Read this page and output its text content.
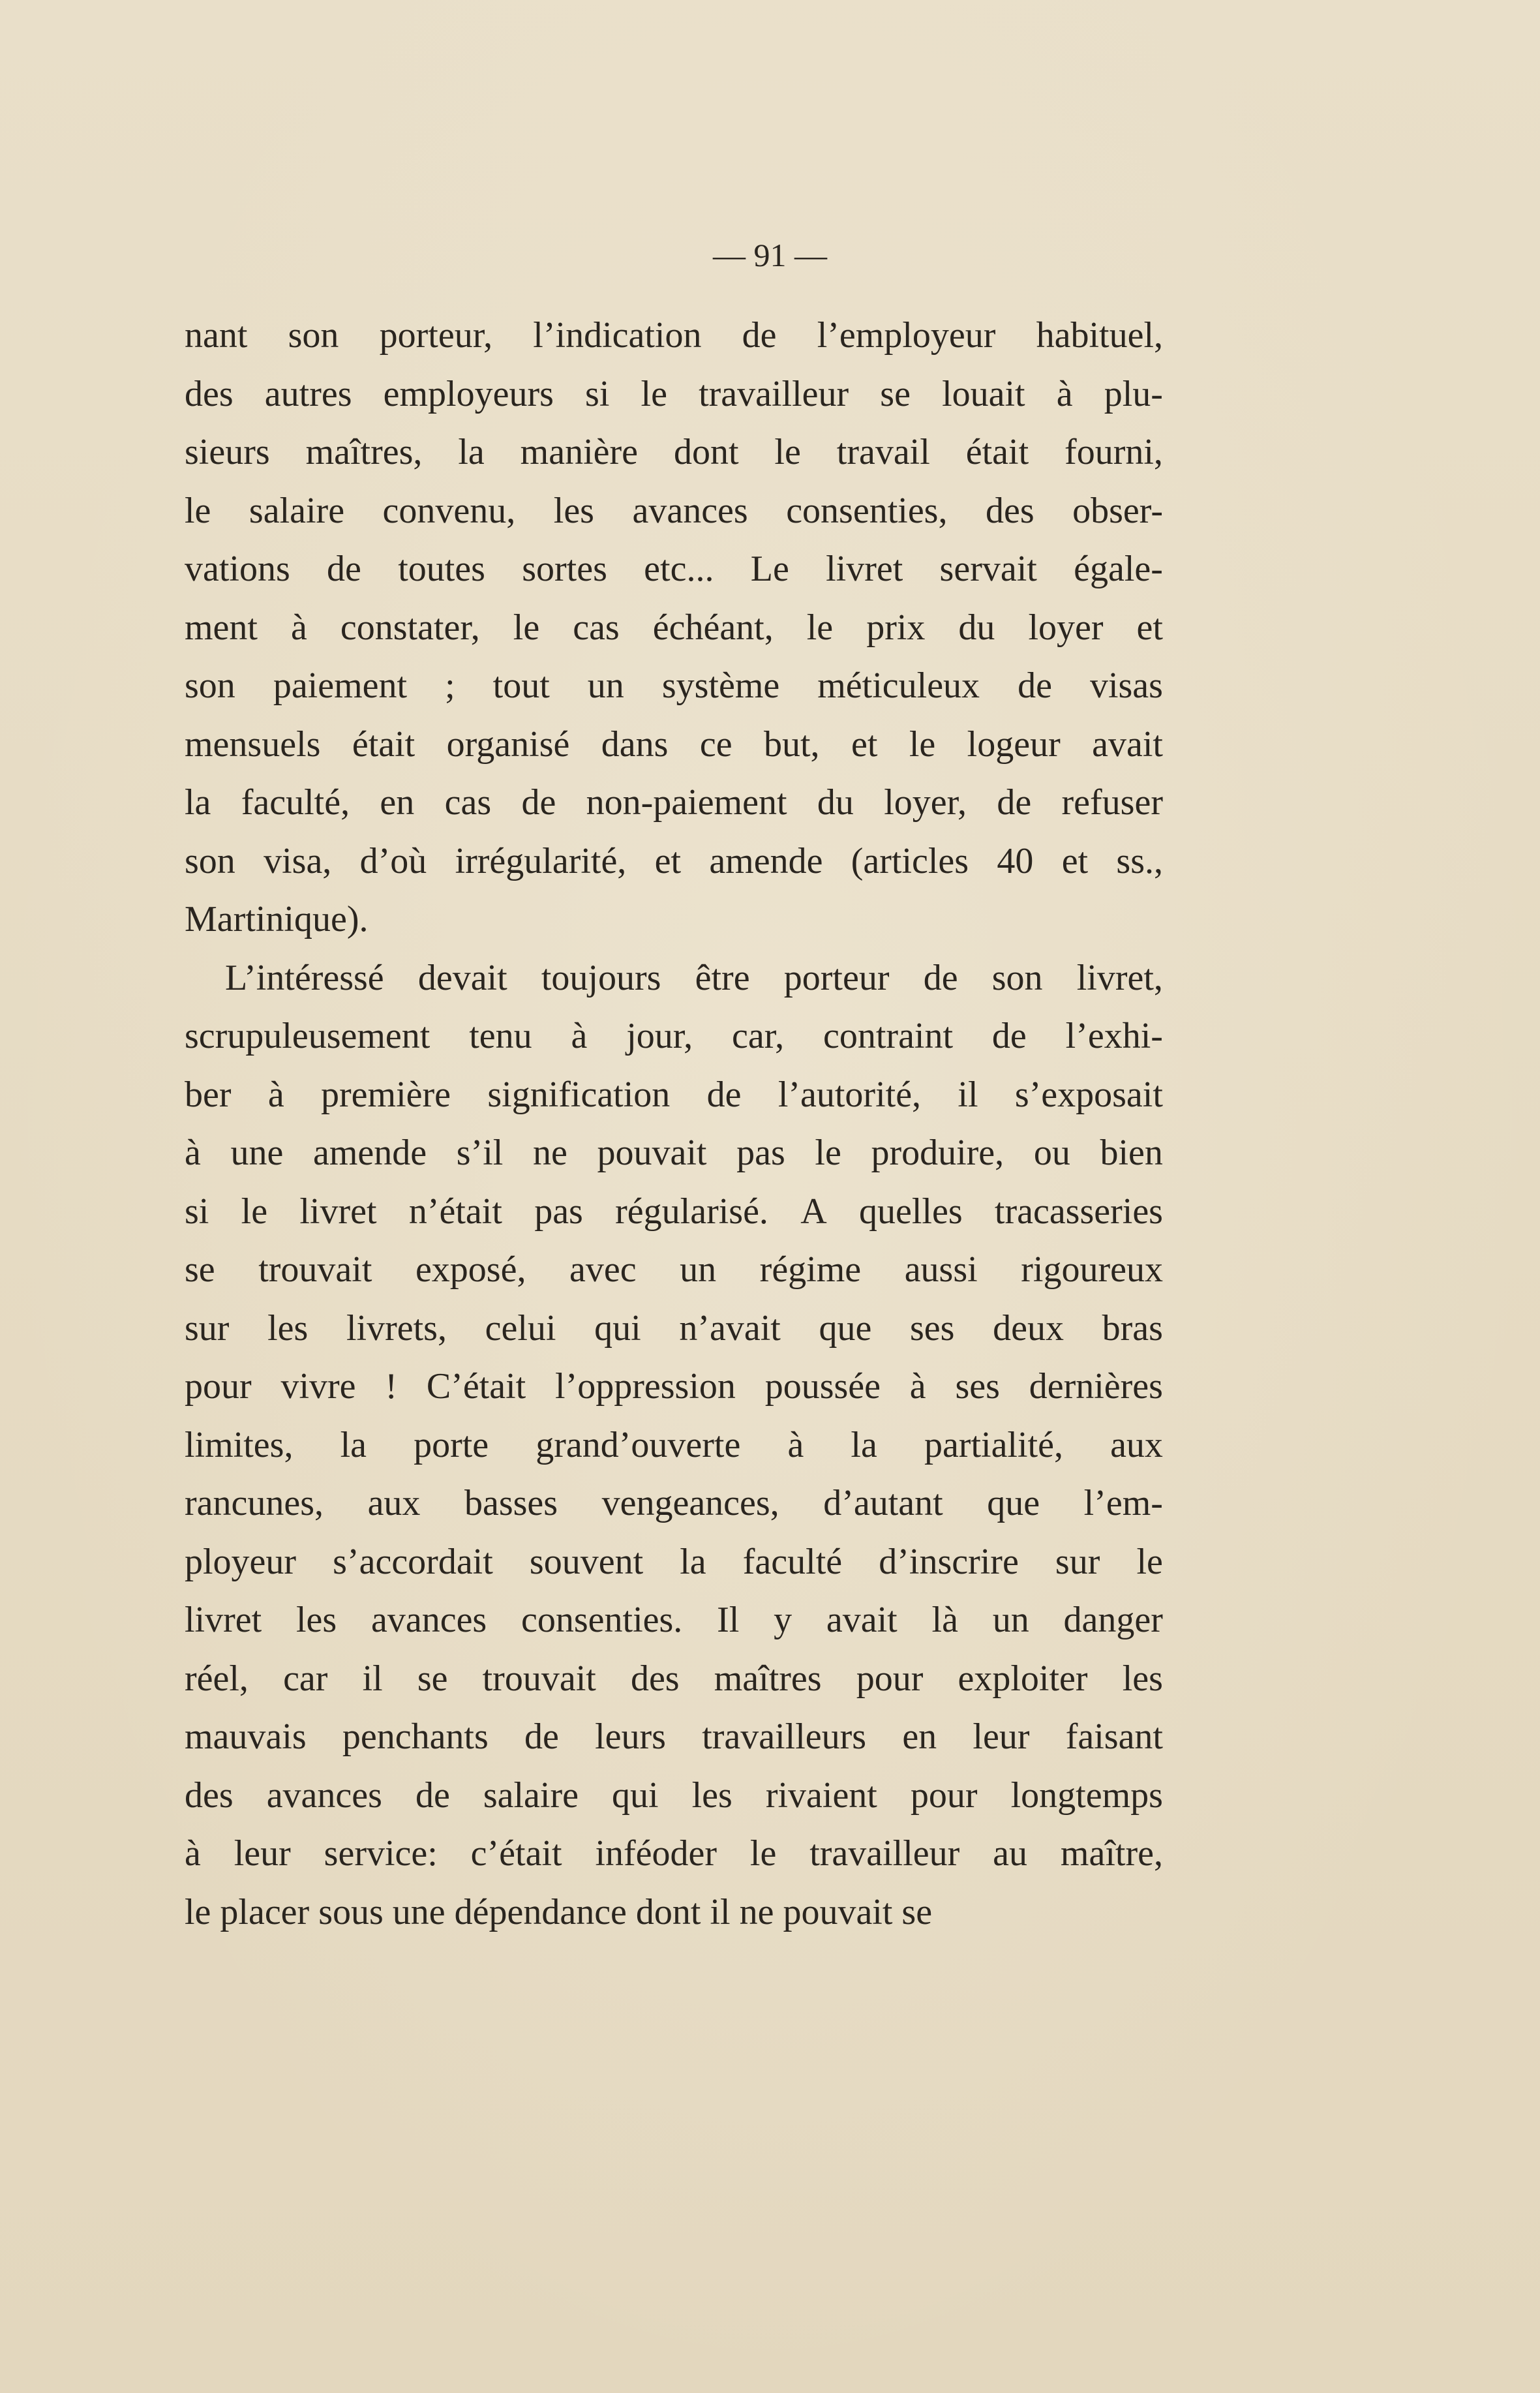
— 91 —

nant son porteur, l’indication de l’employeur habituel,
des autres employeurs si le travailleur se louait à plu-
sieurs maîtres, la manière dont le travail était fourni,
le salaire convenu, les avances consenties, des obser-
vations de toutes sortes etc... Le livret servait égale-
ment à constater, le cas échéant, le prix du loyer et
son paiement ; tout un système méticuleux de visas
mensuels était organisé dans ce but, et le logeur avait
la faculté, en cas de non-paiement du loyer, de refuser
son visa, d’où irrégularité, et amende (articles 40 et ss.,
Martinique).
L’intéressé devait toujours être porteur de son livret,
scrupuleusement tenu à jour, car, contraint de l’exhi-
ber à première signification de l’autorité, il s’exposait
à une amende s’il ne pouvait pas le produire, ou bien
si le livret n’était pas régularisé. A quelles tracasseries
se trouvait exposé, avec un régime aussi rigoureux
sur les livrets, celui qui n’avait que ses deux bras
pour vivre ! C’était l’oppression poussée à ses dernières
limites, la porte grand’ouverte à la partialité, aux
rancunes, aux basses vengeances, d’autant que l’em-
ployeur s’accordait souvent la faculté d’inscrire sur le
livret les avances consenties. Il y avait là un danger
réel, car il se trouvait des maîtres pour exploiter les
mauvais penchants de leurs travailleurs en leur faisant
des avances de salaire qui les rivaient pour longtemps
à leur service: c’était inféoder le travailleur au maître,
le placer sous une dépendance dont il ne pouvait se
